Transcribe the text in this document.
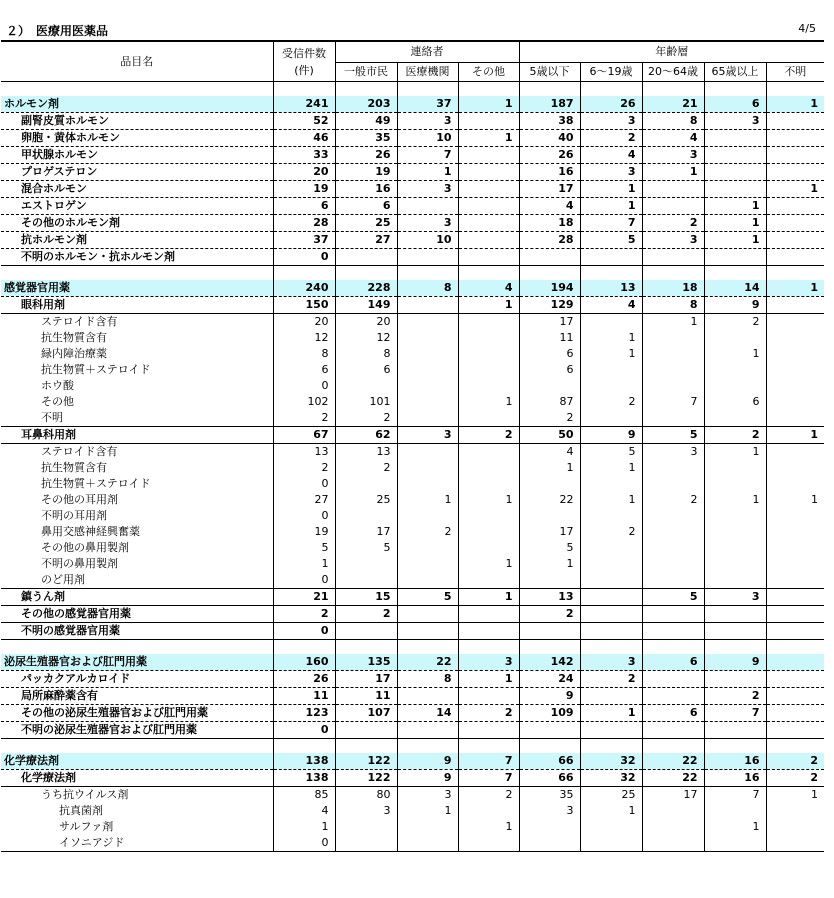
２）　医療用医薬品	4/5
品目名	受信件数
(件)	連絡者			年齢層				
		一般市民	医療機関	その他	5歳以下	6～19歳	20～64歳	65歳以上	不明

ホルモン剤	241	203	37	1	187	26	21	6	1
副腎皮質ホルモン	52	49	3		38	3	8	3	
卵胞・黄体ホルモン	46	35	10	1	40	2	4		
甲状腺ホルモン	33	26	7		26	4	3		
プロゲステロン	20	19	1		16	3	1		
混合ホルモン	19	16	3		17	1			1
エストロゲン	6	6			4	1		1	
その他のホルモン剤	28	25	3		18	7	2	1	
抗ホルモン剤	37	27	10		28	5	3	1	
不明のホルモン・抗ホルモン剤	0								

感覚器官用薬	240	228	8	4	194	13	18	14	1
眼科用剤	150	149		1	129	4	8	9	
ステロイド含有	20	20			17		1	2	
抗生物質含有	12	12			11	1			
緑内障治療薬	8	8			6	1		1	
抗生物質＋ステロイド	6	6			6				
ホウ酸	0								
その他	102	101		1	87	2	7	6	
不明	2	2			2				
耳鼻科用剤	67	62	3	2	50	9	5	2	1
ステロイド含有	13	13			4	5	3	1	
抗生物質含有	2	2			1	1			
抗生物質＋ステロイド	0								
その他の耳用剤	27	25	1	1	22	1	2	1	1
不明の耳用剤	0								
鼻用交感神経興奮薬	19	17	2		17	2			
その他の鼻用製剤	5	5			5				
不明の鼻用製剤	1			1	1				
のど用剤	0								
鎮うん剤	21	15	5	1	13		5	3	
その他の感覚器官用薬	2	2			2				
不明の感覚器官用薬	0								

泌尿生殖器官および肛門用薬	160	135	22	3	142	3	6	9	
パッカクアルカロイド	26	17	8	1	24	2			
局所麻酔薬含有	11	11			9			2	
その他の泌尿生殖器官および肛門用薬	123	107	14	2	109	1	6	7	
不明の泌尿生殖器官および肛門用薬	0								

化学療法剤	138	122	9	7	66	32	22	16	2
化学療法剤	138	122	9	7	66	32	22	16	2
うち抗ウイルス剤	85	80	3	2	35	25	17	7	1
抗真菌剤	4	3	1		3	1			
サルファ剤	1			1				1	
イソニアジド	0								
